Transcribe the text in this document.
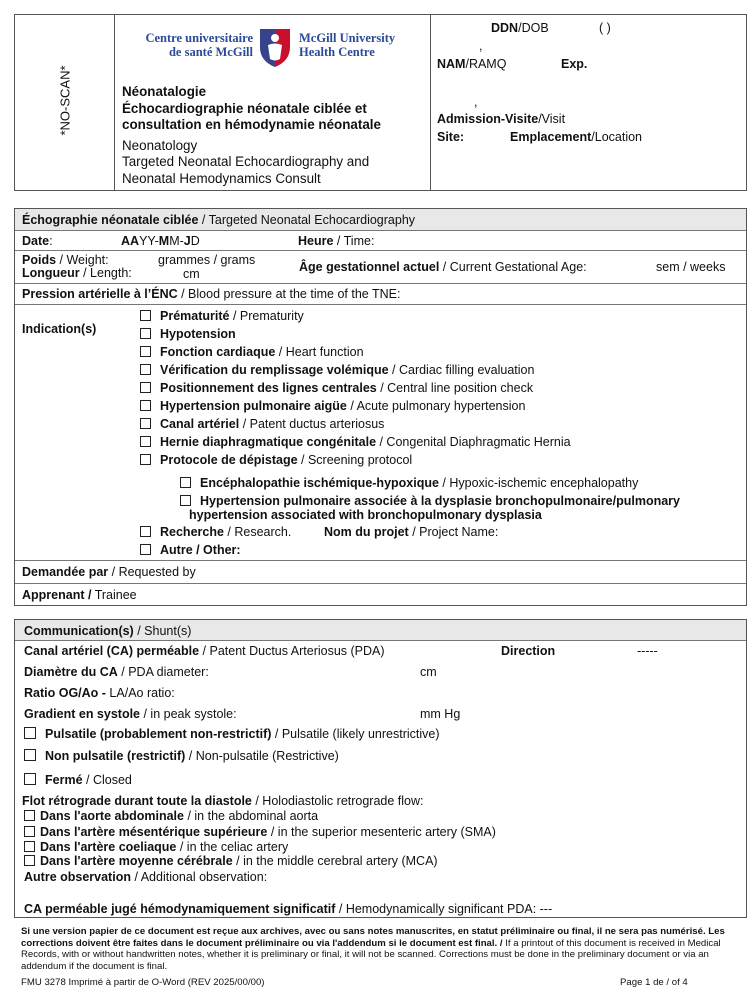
*NO-SCAN*
Centre universitaire
de santé McGill
McGill University
Health Centre
Néonatalogie
Échocardiographie néonatale ciblée et
consultation en hémodynamie néonatale
Neonatology
Targeted Neonatal Echocardiography and
Neonatal Hemodynamics Consult
DDN/DOB	( )
,
NAM/RAMQ	Exp.
,
Admission-Visite/Visit
Site:	Emplacement/Location
Échographie néonatale ciblée / Targeted Neonatal Echocardiography
Date:	AAYY-MM-JD	Heure / Time:
Poids / Weight:	grammes / grams
Longueur / Length:	cm	Âge gestationnel actuel / Current Gestational Age:	sem / weeks
Pression artérielle à l’ÉNC / Blood pressure at the time of the TNE:
Indication(s)
Prématurité / Prematurity
Hypotension
Fonction cardiaque / Heart function
Vérification du remplissage volémique / Cardiac filling evaluation
Positionnement des lignes centrales / Central line position check
Hypertension pulmonaire aigüe / Acute pulmonary hypertension
Canal artériel / Patent ductus arteriosus
Hernie diaphragmatique congénitale / Congenital Diaphragmatic Hernia
Protocole de dépistage / Screening protocol
Encéphalopathie ischémique-hypoxique / Hypoxic-ischemic encephalopathy
Hypertension pulmonaire associée à la dysplasie bronchopulmonaire/pulmonary
hypertension associated with bronchopulmonary dysplasia
Recherche / Research.	Nom du projet / Project Name:
Autre / Other:
Demandée par / Requested by
Apprenant / Trainee
Communication(s) / Shunt(s)
Canal artériel (CA) perméable / Patent Ductus Arteriosus (PDA)	Direction	-----
Diamètre du CA / PDA diameter:	cm
Ratio OG/Ao - LA/Ao ratio:
Gradient en systole / in peak systole:	mm Hg
Pulsatile (probablement non-restrictif) / Pulsatile (likely unrestrictive)
Non pulsatile (restrictif) / Non-pulsatile (Restrictive)
Fermé / Closed
Flot rétrograde durant toute la diastole / Holodiastolic retrograde flow:
Dans l'aorte abdominale / in the abdominal aorta
Dans l'artère mésentérique supérieure / in the superior mesenteric artery (SMA)
Dans l'artère coeliaque / in the celiac artery
Dans l'artère moyenne cérébrale / in the middle cerebral artery (MCA)
Autre observation / Additional observation:
CA perméable jugé hémodynamiquement significatif / Hemodynamically significant PDA: ---
Si une version papier de ce document est reçue aux archives, avec ou sans notes manuscrites, en statut préliminaire ou final, il ne sera pas numérisé. Les corrections doivent être faites dans le document préliminaire ou via l'addendum si le document est final. / If a printout of this document is received in Medical Records, with or without handwritten notes, whether it is preliminary or final, it will not be scanned. Corrections must be done in the preliminary document or via an addendum if the document is final.
FMU 3278 Imprimé à partir de O-Word (REV 2025/00/00)	Page 1 de / of 4
